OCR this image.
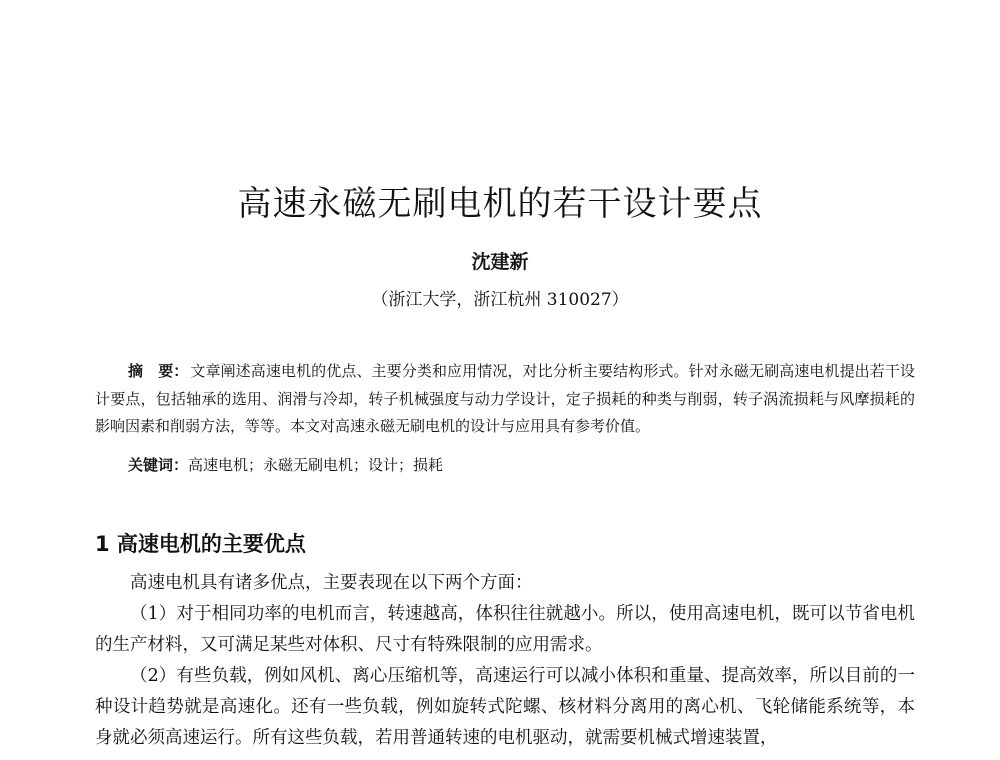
高速永磁无刷电机的若干设计要点
沈建新
（浙江大学，浙江杭州 310027）
摘　要： 文章阐述高速电机的优点、主要分类和应用情况，对比分析主要结构形式。针对永磁无刷高速电机提出若干设计要点，包括轴承的选用、润滑与冷却，转子机械强度与动力学设计，定子损耗的种类与削弱，转子涡流损耗与风摩损耗的影响因素和削弱方法，等等。本文对高速永磁无刷电机的设计与应用具有参考价值。
关键词：高速电机；永磁无刷电机；设计；损耗
1 高速电机的主要优点

高速电机具有诸多优点，主要表现在以下两个方面：

（1）对于相同功率的电机而言，转速越高，体积往往就越小。所以，使用高速电机，既可以节省电机的生产材料，又可满足某些对体积、尺寸有特殊限制的应用需求。

（2）有些负载，例如风机、离心压缩机等，高速运行可以减小体积和重量、提高效率，所以目前的一种设计趋势就是高速化。还有一些负载，例如旋转式陀螺、核材料分离用的离心机、飞轮储能系统等，本身就必须高速运行。所有这些负载，若用普通转速的电机驱动，就需要机械式增速装置，
